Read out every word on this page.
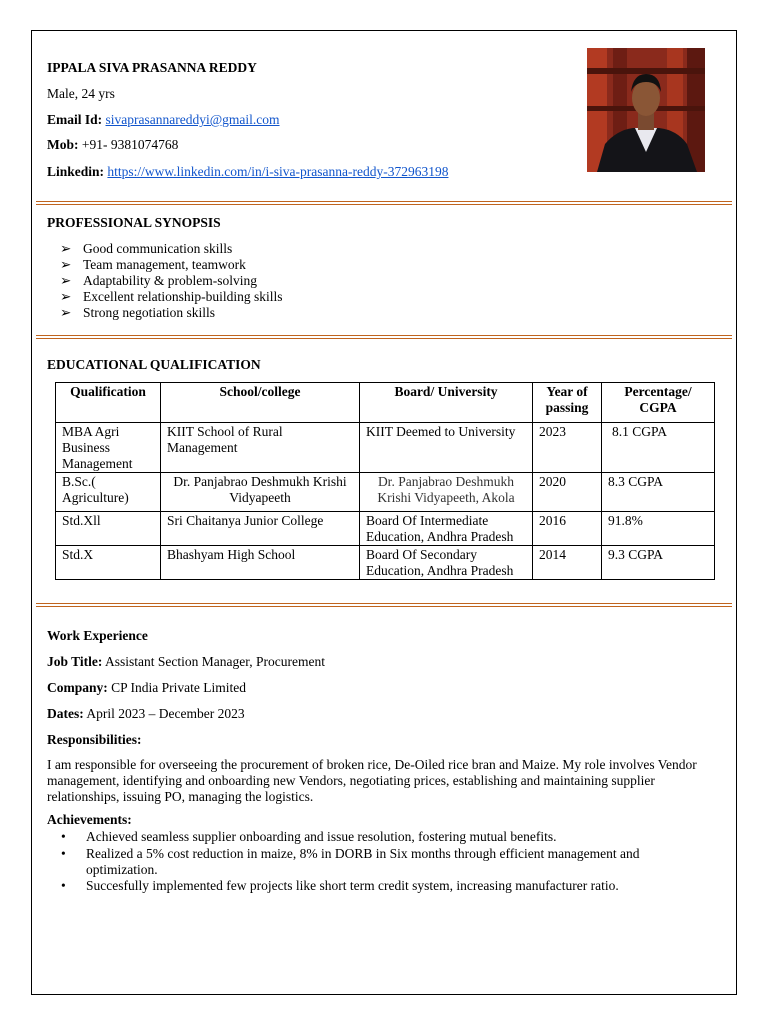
IPPALA SIVA PRASANNA REDDY
Male, 24 yrs
Email Id: sivaprasannareddyi@gmail.com
Mob: +91- 9381074768
Linkedin: https://www.linkedin.com/in/i-siva-prasanna-reddy-372963198
PROFESSIONAL SYNOPSIS
➢ Good communication skills
➢ Team management, teamwork
➢ Adaptability & problem-solving
➢ Excellent relationship-building skills
➢ Strong negotiation skills
EDUCATIONAL QUALIFICATION
Qualification	School/college	Board/ University	Year of passing	Percentage/ CGPA
MBA Agri Business Management	KIIT School of Rural Management	KIIT Deemed to University	2023	8.1 CGPA
B.Sc.( Agriculture)	Dr. Panjabrao Deshmukh Krishi Vidyapeeth	Dr. Panjabrao Deshmukh Krishi Vidyapeeth, Akola	2020	8.3 CGPA
Std.Xll	Sri Chaitanya Junior College	Board Of Intermediate Education, Andhra Pradesh	2016	91.8%
Std.X	Bhashyam High School	Board Of Secondary Education, Andhra Pradesh	2014	9.3 CGPA
Work Experience
Job Title: Assistant Section Manager, Procurement
Company: CP India Private Limited
Dates: April 2023 – December 2023
Responsibilities:
I am responsible for overseeing the procurement of broken rice, De-Oiled rice bran and Maize. My role involves Vendor management, identifying and onboarding new Vendors, negotiating prices, establishing and maintaining supplier relationships, issuing PO, managing the logistics.
Achievements:
• Achieved seamless supplier onboarding and issue resolution, fostering mutual benefits.
• Realized a 5% cost reduction in maize, 8% in DORB in Six months through efficient management and optimization.
• Succesfully implemented few projects like short term credit system, increasing manufacturer ratio.
